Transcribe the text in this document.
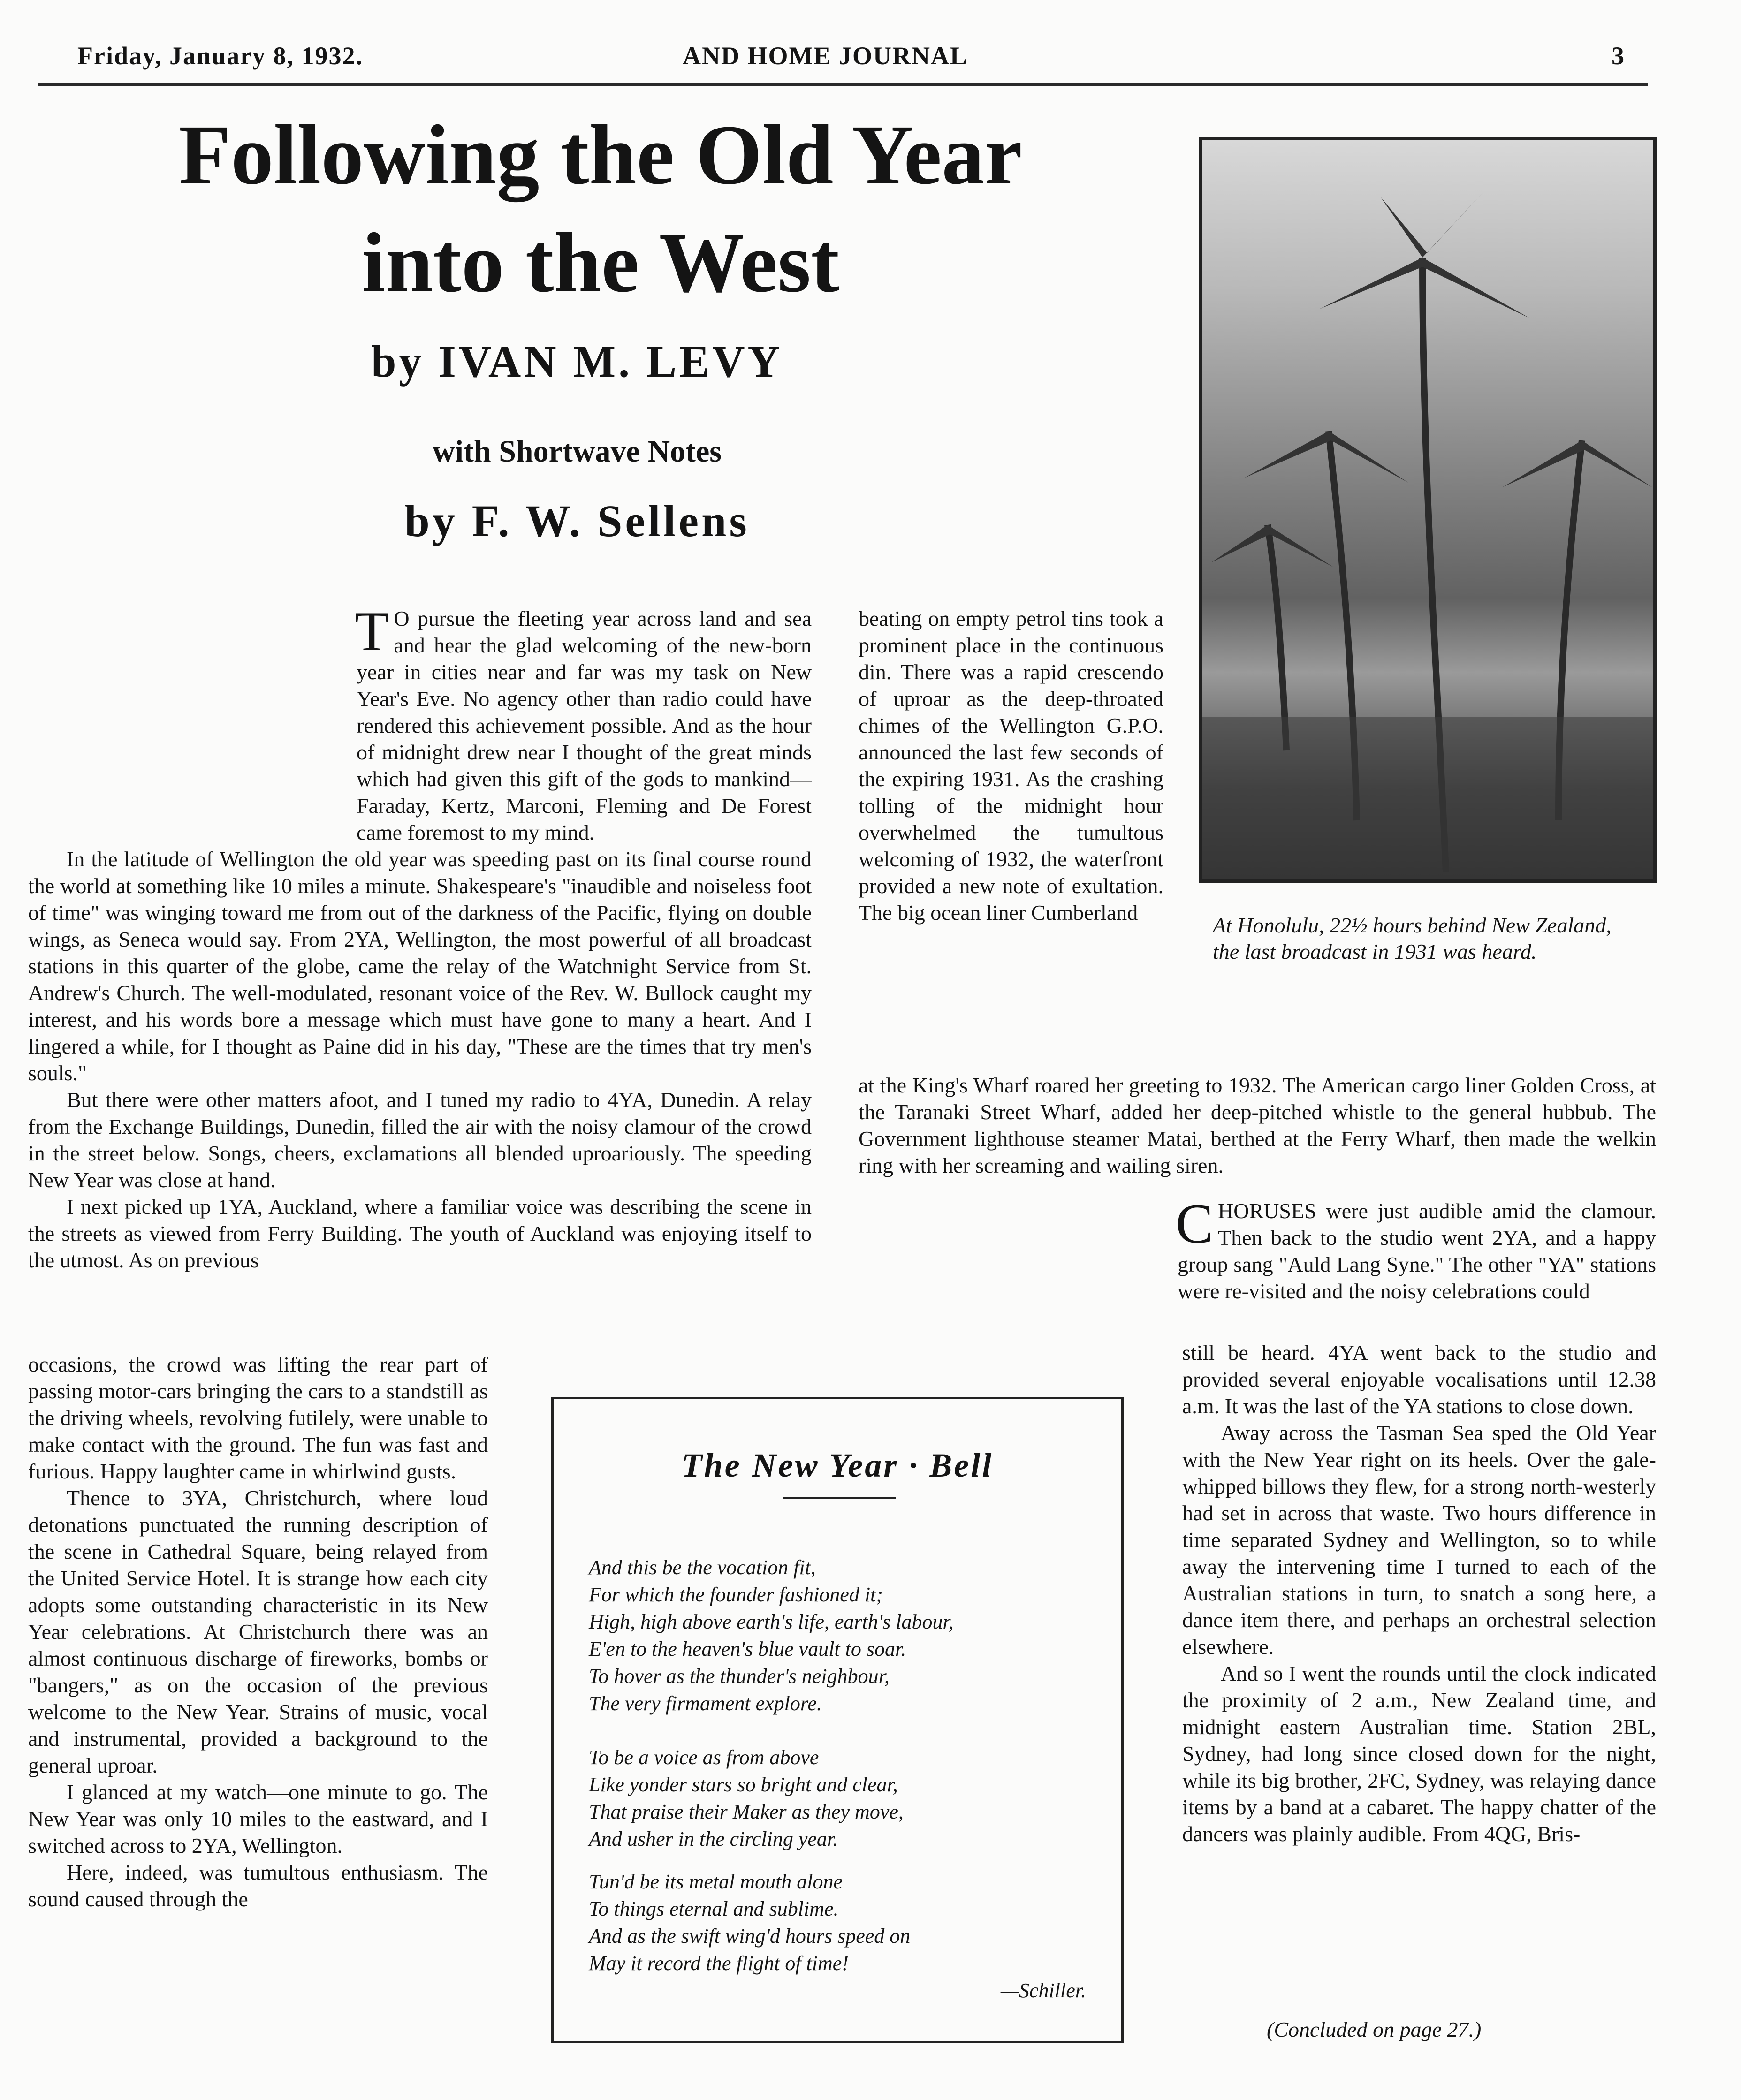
Friday, January 8, 1932.	AND HOME JOURNAL	3
Following the Old Year
into the West
by IVAN M. LEVY
with Shortwave Notes
by F. W. Sellens
At Honolulu, 22½ hours behind New Zealand, the last broadcast in 1931 was heard.

T O pursue the fleeting year across land and sea and hear the glad welcoming of the new-born year in cities near and far was my task on New Year's Eve. No agency other than radio could have rendered this achievement possible. And as the hour of midnight drew near I thought of the great minds which had given this gift of the gods to mankind—Faraday, Kertz, Marconi, Fleming and De Forest came foremost to my mind.

In the latitude of Wellington the old year was speeding past on its final course round the world at something like 10 miles a minute. Shakespeare's "inaudible and noiseless foot of time" was winging toward me from out of the darkness of the Pacific, flying on double wings, as Seneca would say. From 2YA, Wellington, the most powerful of all broadcast stations in this quarter of the globe, came the relay of the Watchnight Service from St. Andrew's Church. The well-modulated, resonant voice of the Rev. W. Bullock caught my interest, and his words bore a message which must have gone to many a heart. And I lingered a while, for I thought as Paine did in his day, "These are the times that try men's souls."

But there were other matters afoot, and I tuned my radio to 4YA, Dunedin. A relay from the Exchange Buildings, Dunedin, filled the air with the noisy clamour of the crowd in the street below. Songs, cheers, exclamations all blended uproariously. The speeding New Year was close at hand.

I next picked up 1YA, Auckland, where a familiar voice was describing the scene in the streets as viewed from Ferry Building. The youth of Auckland was enjoying itself to the utmost. As on previous

occasions, the crowd was lifting the rear part of passing motor-cars bringing the cars to a standstill as the driving wheels, revolving futilely, were unable to make contact with the ground. The fun was fast and furious. Happy laughter came in whirlwind gusts.

Thence to 3YA, Christchurch, where loud detonations punctuated the running description of the scene in Cathedral Square, being relayed from the United Service Hotel. It is strange how each city adopts some outstanding characteristic in its New Year celebrations. At Christchurch there was an almost continuous discharge of fireworks, bombs or "bangers," as on the occasion of the previous welcome to the New Year. Strains of music, vocal and instrumental, provided a background to the general uproar.

I glanced at my watch—one minute to go. The New Year was only 10 miles to the eastward, and I switched across to 2YA, Wellington.

Here, indeed, was tumultous enthusiasm. The sound caused through the

beating on empty petrol tins took a prominent place in the continuous din. There was a rapid crescendo of uproar as the deep-throated chimes of the Wellington G.P.O. announced the last few seconds of the expiring 1931. As the crashing tolling of the midnight hour overwhelmed the tumultous welcoming of 1932, the waterfront provided a new note of exultation. The big ocean liner Cumberland

at the King's Wharf roared her greeting to 1932. The American cargo liner Golden Cross, at the Taranaki Street Wharf, added her deep-pitched whistle to the general hubbub. The Government lighthouse steamer Matai, berthed at the Ferry Wharf, then made the welkin ring with her screaming and wailing siren.

CHORUSES were just audible amid the clamour. Then back to the studio went 2YA, and a happy group sang "Auld Lang Syne." The other "YA" stations were re-visited and the noisy celebrations could

still be heard. 4YA went back to the studio and provided several enjoyable vocalisations until 12.38 a.m. It was the last of the YA stations to close down.

Away across the Tasman Sea sped the Old Year with the New Year right on its heels. Over the gale-whipped billows they flew, for a strong north-westerly had set in across that waste. Two hours difference in time separated Sydney and Wellington, so to while away the intervening time I turned to each of the Australian stations in turn, to snatch a song here, a dance item there, and perhaps an orchestral selection elsewhere.

And so I went the rounds until the clock indicated the proximity of 2 a.m., New Zealand time, and midnight eastern Australian time. Station 2BL, Sydney, had long since closed down for the night, while its big brother, 2FC, Sydney, was relaying dance items by a band at a cabaret. The happy chatter of the dancers was plainly audible. From 4QG, Bris-

(Concluded on page 27.)
The New Year · Bell
And this be the vocation fit,
For which the founder fashioned it;
High, high above earth's life, earth's labour,
E'en to the heaven's blue vault to soar.
To hover as the thunder's neighbour,
The very firmament explore.
To be a voice as from above
Like yonder stars so bright and clear,
That praise their Maker as they move,
And usher in the circling year.
Tun'd be its metal mouth alone
To things eternal and sublime.
And as the swift wing'd hours speed on
May it record the flight of time!
—Schiller.
